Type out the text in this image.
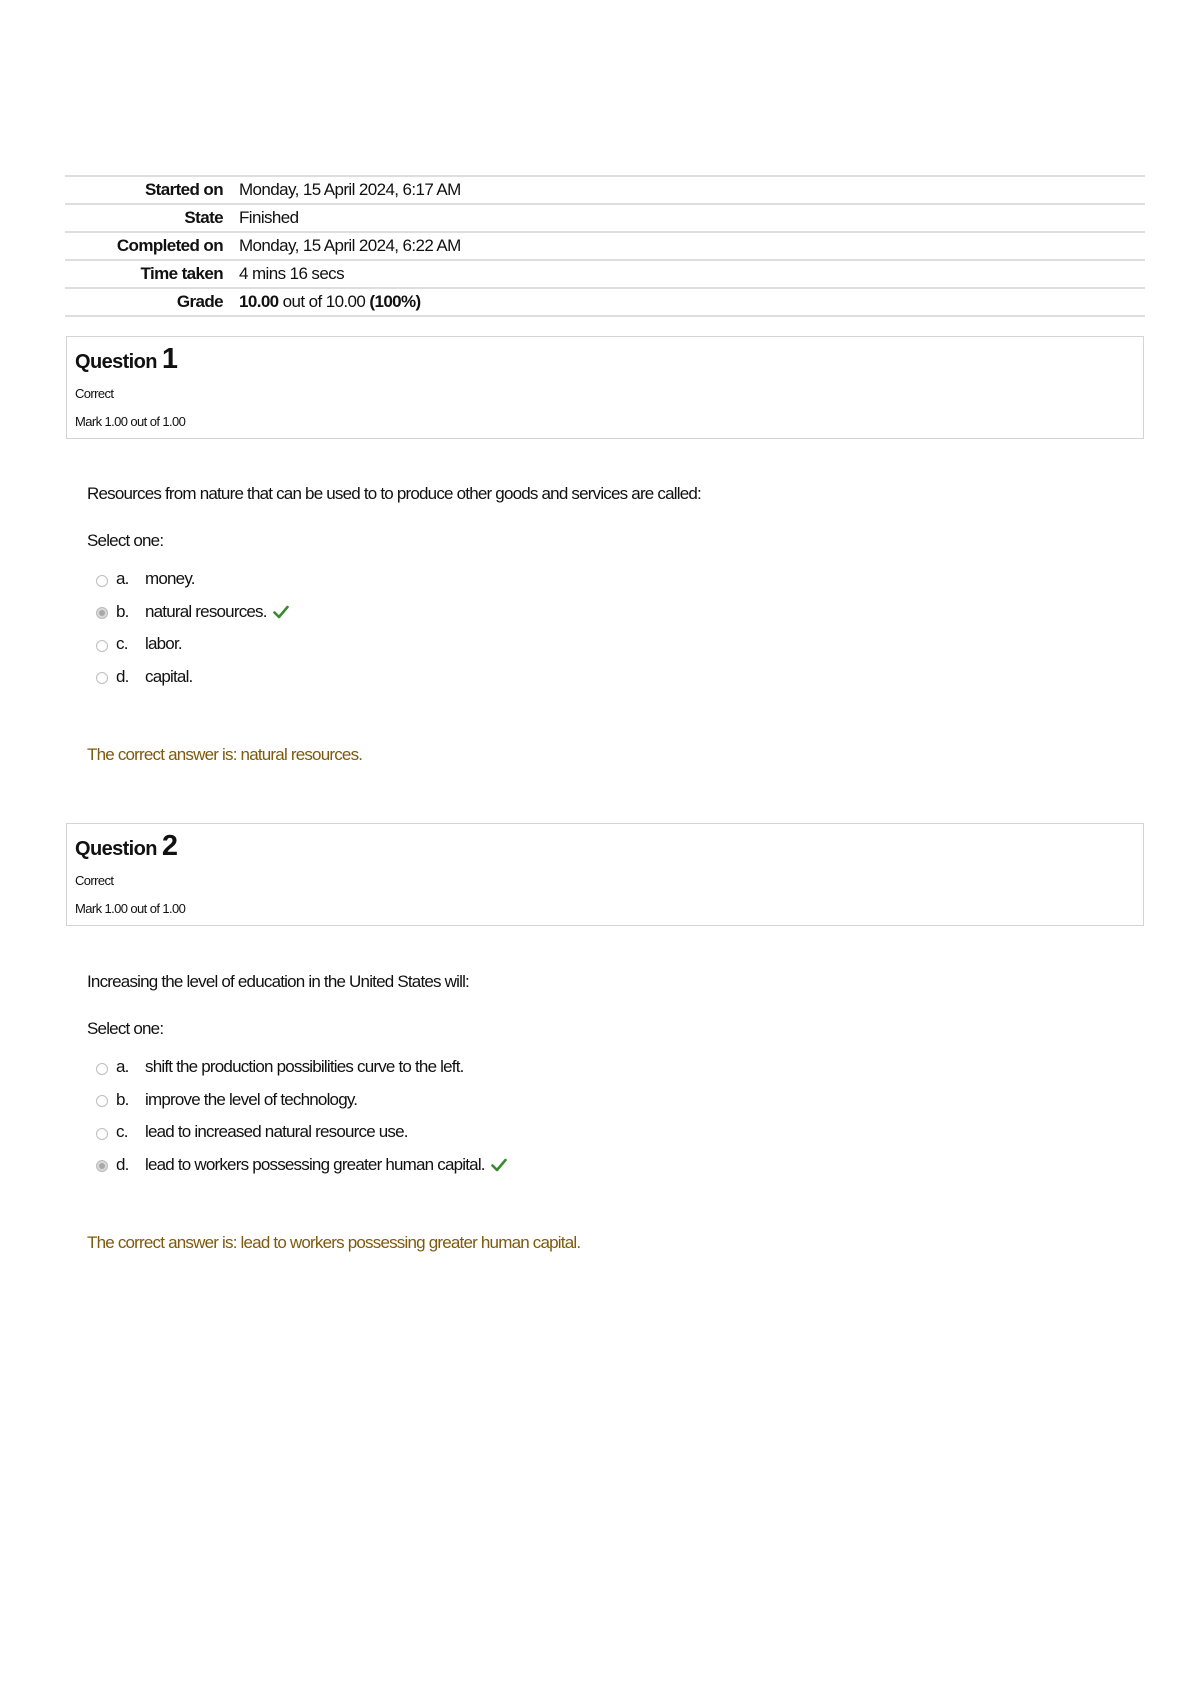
Started on	Monday, 15 April 2024, 6:17 AM
State	Finished
Completed on	Monday, 15 April 2024, 6:22 AM
Time taken	4 mins 16 secs
Grade	10.00 out of 10.00 (100%)
Question 1
Correct
Mark 1.00 out of 1.00
Resources from nature that can be used to to produce other goods and services are called:
Select one:
a. money.
b. natural resources.
c.	labor.
d. capital.
The correct answer is: natural resources.
Question 2
Correct
Mark 1.00 out of 1.00
Increasing the level of education in the United States will:
Select one:
a. shift the production possibilities curve to the left.
b. improve the level of technology.
c.	lead to increased natural resource use.
d. lead to workers possessing greater human capital.
The correct answer is: lead to workers possessing greater human capital.
